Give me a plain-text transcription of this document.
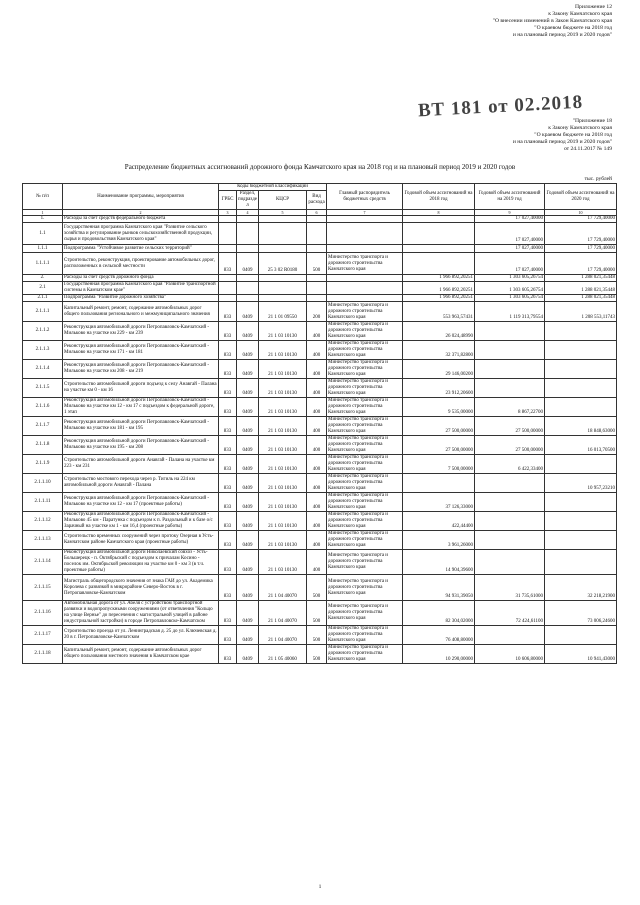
Приложение 12
к Закону Камчатского края
"О внесении изменений в Закон Камчатского края
"О краевом бюджете на 2018 год
и на плановый период 2019 и 2020 годов"
ВТ 181 от 02.2018
"Приложение 18
к Закону Камчатского края
"О краевом бюджете на 2018 год
и на плановый период 2019 и 2020 годов"
от 24.11.2017 № 149
Распределение бюджетных ассигнований дорожного фонда Камчатского края на 2018 год и на плановый период 2019 и 2020 годов
тыс. рублей
№ п/п	Наименование программы, мероприятия	Коды бюджетной классификации				Главный распорядитель бюджетных средств	Годовой объем ассигнований на 2018 год	Годовой объем ассигнований на 2019 год	Годовой объем ассигнований на 2020 год
		ГРБС	Раздел, подраздел	КЦСР	Вид расхода				
1	2	3	4	5	6	7	8	9	10
1.	Расходы за счет средств федерального бюджета							17 027,40000	17 729,40000
1.1	Государственная программа Камчатского края "Развитие сельского хозяйства и регулирование рынков сельскохозяйственной продукции, сырья и продовольствия Камчатского края"							17 027,40000	17 729,40000
1.1.1	Подпрограмма "Устойчивое развитие сельских территорий"							17 027,40000	17 729,40000
1.1.1.1	Строительство, реконструкция, проектирование автомобильных дорог, расположенных в сельской местности	833	0409	25 3 02 R0180	500	Министерство транспорта и дорожного строительства Камчатского края		17 027,40000	17 729,40000
2.	Расходы за счет средств дорожного фонда						1 966 892,20251	1 303 605,26754	1 288 021,35448
2.1	Государственная программа Камчатского края "Развитие транспортной системы в Камчатском крае"						1 966 892,20251	1 303 605,26754	1 288 021,35448
2.1.1	Подпрограмма "Развитие дорожного хозяйства"						1 966 892,20251	1 303 605,26754	1 288 021,35448
2.1.1.1	Капитальный ремонт, ремонт, содержание автомобильных дорог общего пользования регионального и межмуниципального значения	833	0409	21 1 01 09550	200	Министерство транспорта и дорожного строительства Камчатского края	553 963,57431	1 119 313,79554	1 208 553,11743
2.1.1.2	Реконструкция автомобильной дороги Петропавловск-Камчатский - Мильково на участке км 229 - км 239	833	0409	21 1 03 10130	400	Министерство транспорта и дорожного строительства Камчатского края	26 024,48990		
2.1.1.3	Реконструкция автомобильной дороги Петропавловск-Камчатский - Мильково на участке км 171 - км 181	833	0409	21 1 03 10130	400	Министерство транспорта и дорожного строительства Камчатского края	32 371,82800		
2.1.1.4	Реконструкция автомобильной дороги Петропавловск-Камчатский - Мильково на участке км 208 - км 219	833	0409	21 1 03 10130	400	Министерство транспорта и дорожного строительства Камчатского края	29 146,00200		
2.1.1.5	Строительство автомобильной дороги подъезд к селу Анавгай - Палана на участке км 0 - км 16	833	0409	21 1 03 10130	400	Министерство транспорта и дорожного строительства Камчатского края	23 912,20600		
2.1.1.6	Реконструкция автомобильной дороги Петропавловск-Камчатский - Мильково на участке км 12 - км 17 с подъездом к федеральной дороге, 1 этап	833	0409	21 1 03 10130	400	Министерство транспорта и дорожного строительства Камчатского края	9 535,00000	8 867,22700	
2.1.1.7	Реконструкция автомобильной дороги Петропавловск-Камчатский - Мильково на участке км 181 - км 195	833	0409	21 1 03 10130	400	Министерство транспорта и дорожного строительства Камчатского края	27 500,00000	27 500,00000	18 848,63000
2.1.1.8	Реконструкция автомобильной дороги Петропавловск-Камчатский - Мильково на участке км 195 - км 208	833	0409	21 1 03 10130	400	Министерство транспорта и дорожного строительства Камчатского края	27 500,00000	27 500,00000	16 013,70500
2.1.1.9	Строительство автомобильной дороги Анавгай - Палана на участке км 223 - км 231	833	0409	21 1 03 10130	400	Министерство транспорта и дорожного строительства Камчатского края	7 500,00000	6 422,33400	
2.1.1.10	Строительство мостового перехода через р. Тигиль на 224 км автомобильной дороги Анавгай - Палана	833	0409	21 1 03 10130	400	Министерство транспорта и дорожного строительства Камчатского края			10 957,23210
2.1.1.11	Реконструкция автомобильной дороги Петропавловск-Камчатский - Мильково на участке км 12 - км 17 (проектные работы)	833	0409	21 1 03 10130	400	Министерство транспорта и дорожного строительства Камчатского края	37 126,33000		
2.1.1.12	Реконструкция автомобильной дороги Петропавловск-Камчатский - Мильково 45 км - Паратунка с подъездом к п. Раздольный и к базе о/с Зарачный на участке км 1 - км 16,4 (проектные работы)	833	0409	21 1 03 10130	400	Министерство транспорта и дорожного строительства Камчатского края	422,44400		
2.1.1.13	Строительство временных сооружений через протоку Озерная в Усть-Камчатском районе Камчатского края (проектные работы)	833	0409	21 1 03 10130	400	Министерство транспорта и дорожного строительства Камчатского края	3 961,26000		
2.1.1.14	Реконструкция автомобильной дороги Николаевский совхоз - Усть-Большерецк - п. Октябрьский с подъездом к причалам Косино - поселок им. Октябрьской революции на участке км 0 - км 3 (в т.ч. проектные работы)	833	0409	21 1 03 10130	400	Министерство транспорта и дорожного строительства Камчатского края	14 904,39600		
2.1.1.15	Магистраль общегородского значения от знака ГАИ до ул. Академика Королева с развязкой в микрорайоне Северо-Восток в г. Петропавловске-Камчатском	833	0409	21 1 04 40070	500	Министерство транспорта и дорожного строительства Камчатского края	94 931,39050	31 735,61000	32 218,21900
2.1.1.16	Автомобильная дорога от ул. Абеля с устройством транспортной развязки и водопропускными сооружениями (от ответвления "Кольцо на улице Вернье" до пересечения с магистральной улицей в районе индустриальной застройки) в городе Петропавловске-Камчатском	833	0409	21 1 04 40070	500	Министерство транспорта и дорожного строительства Камчатского края	82 304,02000	72 424,61100	73 006,24600
2.1.1.17	Строительство проезда от ул. Ленинградская д. 25 до ул. Ключевская д. 20 в г. Петропавловске-Камчатском	833	0409	21 1 04 40070	500	Министерство транспорта и дорожного строительства Камчатского края	76 408,80000		
2.1.1.18	Капитальный ремонт, ремонт, содержание автомобильных дорог общего пользования местного значения в Камчатском крае	833	0409	21 1 05 40060	500	Министерство транспорта и дорожного строительства Камчатского края	10 290,00000	10 606,80000	10 941,43000
1
